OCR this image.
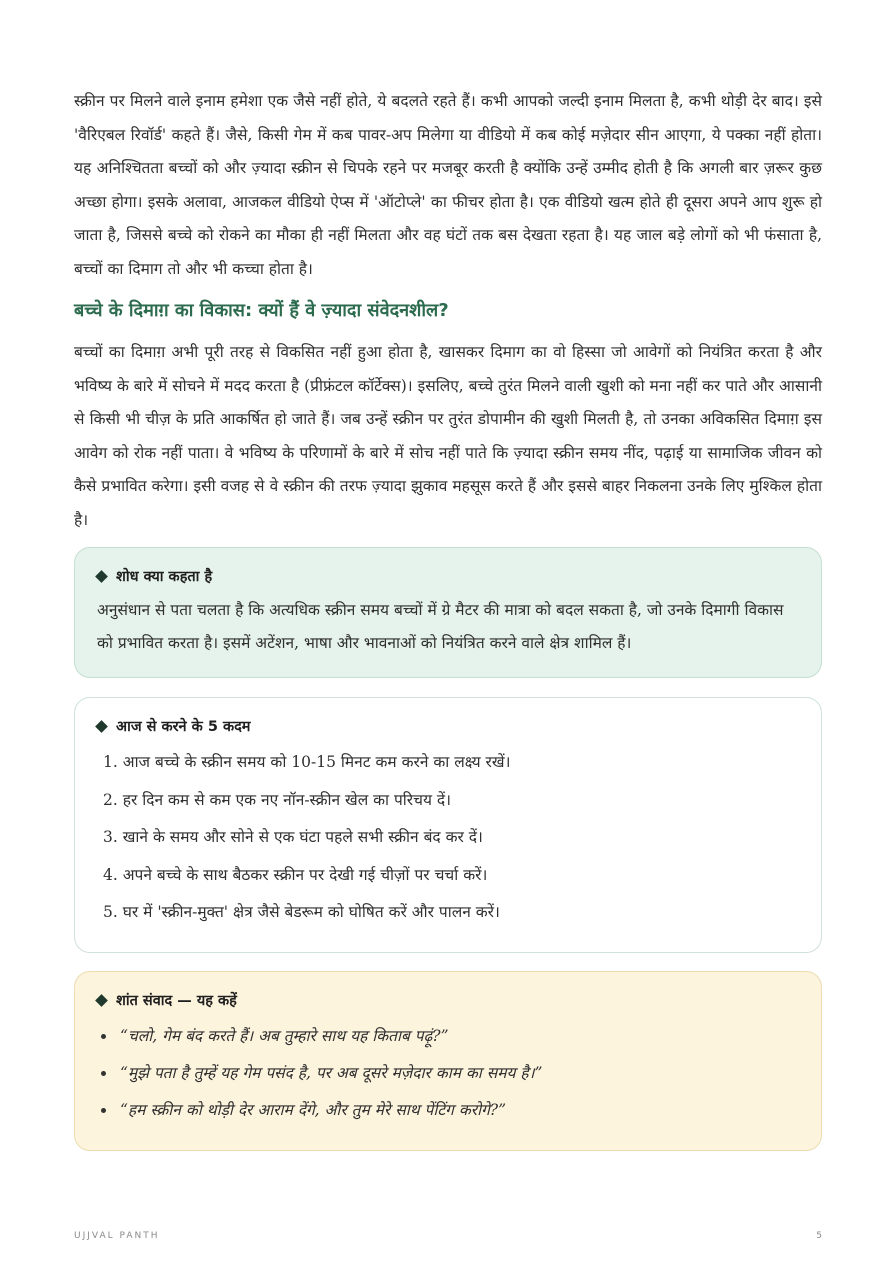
स्क्रीन पर मिलने वाले इनाम हमेशा एक जैसे नहीं होते, ये बदलते रहते हैं। कभी आपको जल्दी इनाम मिलता है, कभी थोड़ी देर बाद। इसे 'वैरिएबल रिवॉर्ड' कहते हैं। जैसे, किसी गेम में कब पावर-अप मिलेगा या वीडियो में कब कोई मज़ेदार सीन आएगा, ये पक्का नहीं होता। यह अनिश्चितता बच्चों को और ज़्यादा स्क्रीन से चिपके रहने पर मजबूर करती है क्योंकि उन्हें उम्मीद होती है कि अगली बार ज़रूर कुछ अच्छा होगा। इसके अलावा, आजकल वीडियो ऐप्स में 'ऑटोप्ले' का फीचर होता है। एक वीडियो खत्म होते ही दूसरा अपने आप शुरू हो जाता है, जिससे बच्चे को रोकने का मौका ही नहीं मिलता और वह घंटों तक बस देखता रहता है। यह जाल बड़े लोगों को भी फंसाता है, बच्चों का दिमाग तो और भी कच्चा होता है।

बच्चे के दिमाग़ का विकास: क्यों हैं वे ज़्यादा संवेदनशील?

बच्चों का दिमाग़ अभी पूरी तरह से विकसित नहीं हुआ होता है, खासकर दिमाग का वो हिस्सा जो आवेगों को नियंत्रित करता है और भविष्य के बारे में सोचने में मदद करता है (प्रीफ्रंटल कॉर्टेक्स)। इसलिए, बच्चे तुरंत मिलने वाली खुशी को मना नहीं कर पाते और आसानी से किसी भी चीज़ के प्रति आकर्षित हो जाते हैं। जब उन्हें स्क्रीन पर तुरंत डोपामीन की खुशी मिलती है, तो उनका अविकसित दिमाग़ इस आवेग को रोक नहीं पाता। वे भविष्य के परिणामों के बारे में सोच नहीं पाते कि ज़्यादा स्क्रीन समय नींद, पढ़ाई या सामाजिक जीवन को कैसे प्रभावित करेगा। इसी वजह से वे स्क्रीन की तरफ ज़्यादा झुकाव महसूस करते हैं और इससे बाहर निकलना उनके लिए मुश्किल होता है।

शोध क्या कहता है

अनुसंधान से पता चलता है कि अत्यधिक स्क्रीन समय बच्चों में ग्रे मैटर की मात्रा को बदल सकता है, जो उनके दिमागी विकास को प्रभावित करता है। इसमें अटेंशन, भाषा और भावनाओं को नियंत्रित करने वाले क्षेत्र शामिल हैं।

आज से करने के 5 कदम
1. आज बच्चे के स्क्रीन समय को 10-15 मिनट कम करने का लक्ष्य रखें।
2. हर दिन कम से कम एक नए नॉन-स्क्रीन खेल का परिचय दें।
3. खाने के समय और सोने से एक घंटा पहले सभी स्क्रीन बंद कर दें।
4. अपने बच्चे के साथ बैठकर स्क्रीन पर देखी गई चीज़ों पर चर्चा करें।
5. घर में 'स्क्रीन-मुक्त' क्षेत्र जैसे बेडरूम को घोषित करें और पालन करें।
शांत संवाद — यह कहें
“चलो, गेम बंद करते हैं। अब तुम्हारे साथ यह किताब पढ़ूं?”
“मुझे पता है तुम्हें यह गेम पसंद है, पर अब दूसरे मज़ेदार काम का समय है।”
“हम स्क्रीन को थोड़ी देर आराम देंगे, और तुम मेरे साथ पेंटिंग करोगे?”
UJJVAL PANTH	5
